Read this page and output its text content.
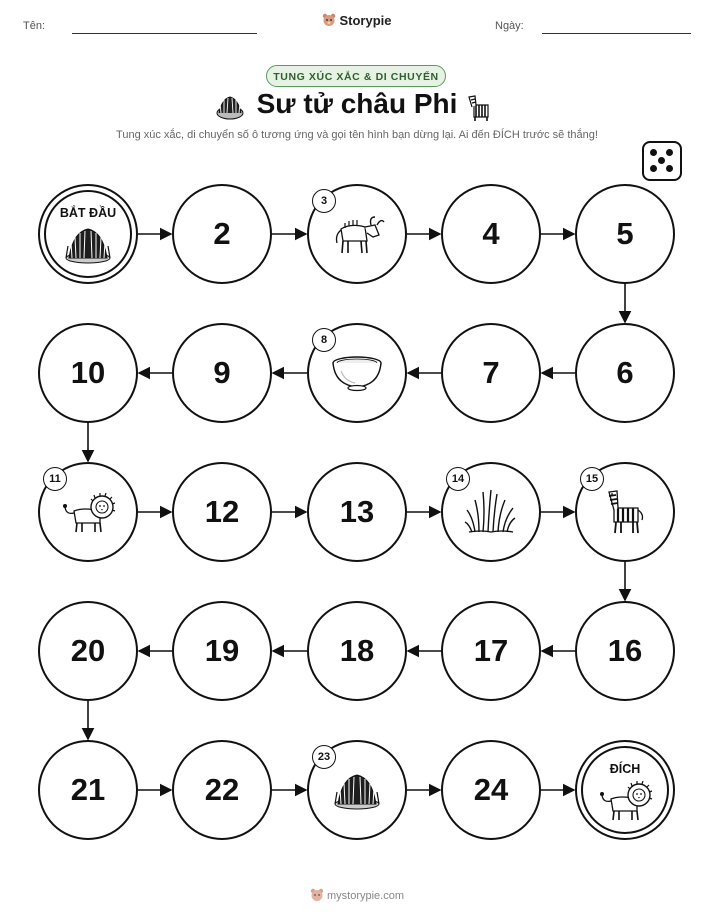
Tên:	Ngày:
Storypie
TUNG XÚC XẮC & DI CHUYỂN
Sư tử châu Phi
Tung xúc xắc, di chuyển số ô tương ứng và gọi tên hình bạn dừng lại. Ai đến ĐÍCH trước sẽ thắng!
BẮT ĐẦU
2
3
4	5
6
7
8
9
10
11
12	13
14	15
16
17
18
19
20
21	22
23
24
ĐÍCH
mystorypie.com
